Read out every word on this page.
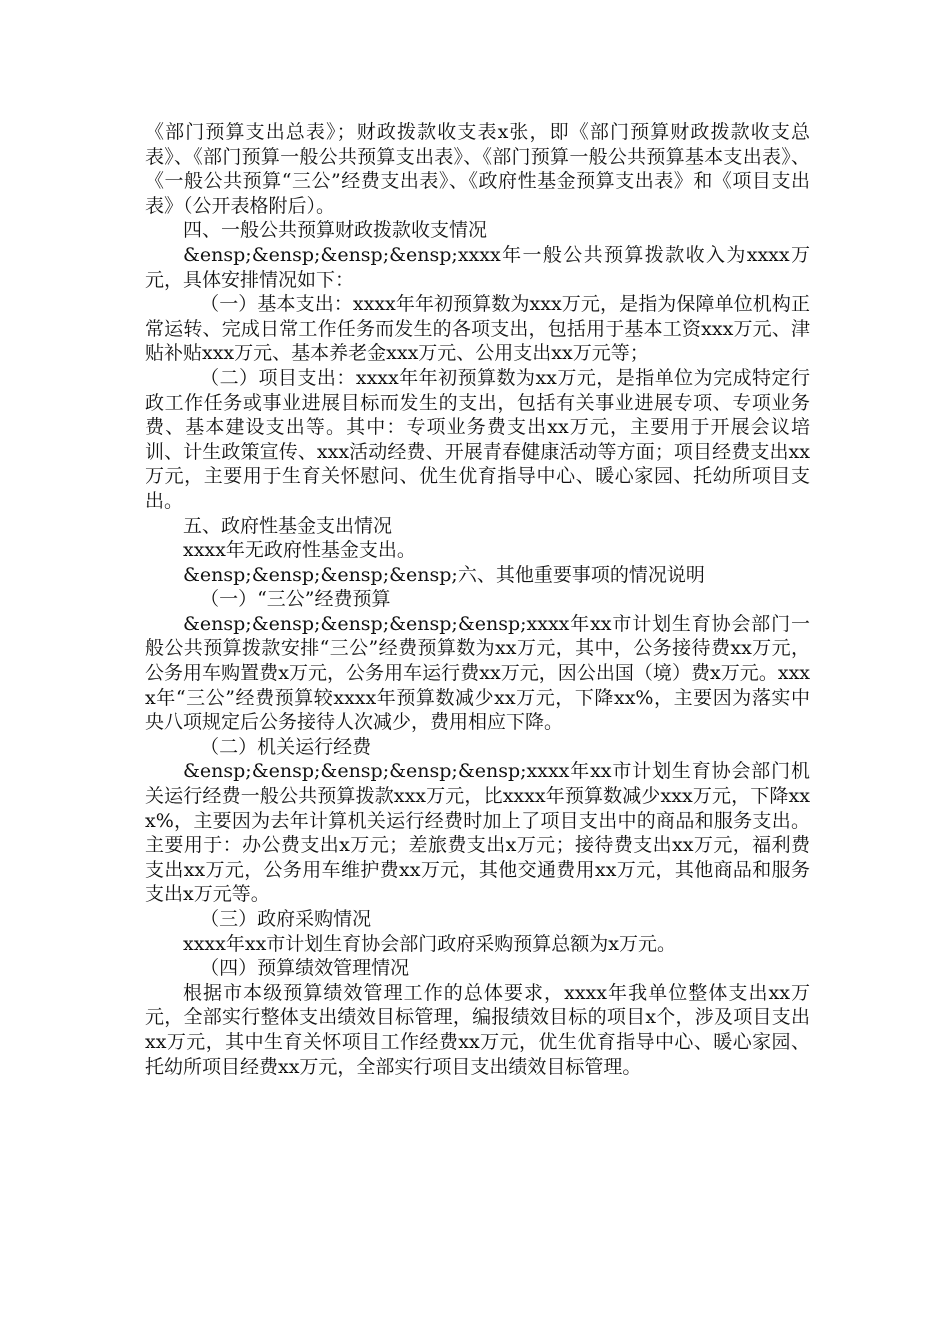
《部门预算支出总表》；财政拨款收支表x张，即《部门预算财政拨款收支总表》、《部门预算一般公共预算支出表》、《部门预算一般公共预算基本支出表》、《一般公共预算“三公”经费支出表》、《政府性基金预算支出表》和《项目支出表》（公开表格附后）。

四、一般公共预算财政拨款收支情况

&ensp;&ensp;&ensp;&ensp;xxxx年一般公共预算拨款收入为xxxx万元，具体安排情况如下：

（一）基本支出：xxxx年年初预算数为xxx万元，是指为保障单位机构正常运转、完成日常工作任务而发生的各项支出，包括用于基本工资xxx万元、津贴补贴xxx万元、基本养老金xxx万元、公用支出xx万元等；

（二）项目支出：xxxx年年初预算数为xx万元，是指单位为完成特定行政工作任务或事业进展目标而发生的支出，包括有关事业进展专项、专项业务费、基本建设支出等。其中：专项业务费支出xx万元，主要用于开展会议培训、计生政策宣传、xxx活动经费、开展青春健康活动等方面；项目经费支出xx万元，主要用于生育关怀慰问、优生优育指导中心、暖心家园、托幼所项目支出。

五、政府性基金支出情况

xxxx年无政府性基金支出。

&ensp;&ensp;&ensp;&ensp;六、其他重要事项的情况说明

（一）“三公”经费预算

&ensp;&ensp;&ensp;&ensp;&ensp;xxxx年xx市计划生育协会部门一般公共预算拨款安排“三公”经费预算数为xx万元，其中，公务接待费xx万元，公务用车购置费x万元，公务用车运行费xx万元，因公出国（境）费x万元。xxxx年“三公”经费预算较xxxx年预算数减少xx万元，下降xx%，主要因为落实中央八项规定后公务接待人次减少，费用相应下降。

（二）机关运行经费

&ensp;&ensp;&ensp;&ensp;&ensp;xxxx年xx市计划生育协会部门机关运行经费一般公共预算拨款xxx万元，比xxxx年预算数减少xxx万元，下降xxx%，主要因为去年计算机关运行经费时加上了项目支出中的商品和服务支出。主要用于：办公费支出x万元；差旅费支出x万元；接待费支出xx万元，福利费支出xx万元，公务用车维护费xx万元，其他交通费用xx万元，其他商品和服务支出x万元等。

（三）政府采购情况

xxxx年xx市计划生育协会部门政府采购预算总额为x万元。

（四）预算绩效管理情况

根据市本级预算绩效管理工作的总体要求，xxxx年我单位整体支出xx万元，全部实行整体支出绩效目标管理，编报绩效目标的项目x个，涉及项目支出xx万元，其中生育关怀项目工作经费xx万元，优生优育指导中心、暖心家园、托幼所项目经费xx万元，全部实行项目支出绩效目标管理。
